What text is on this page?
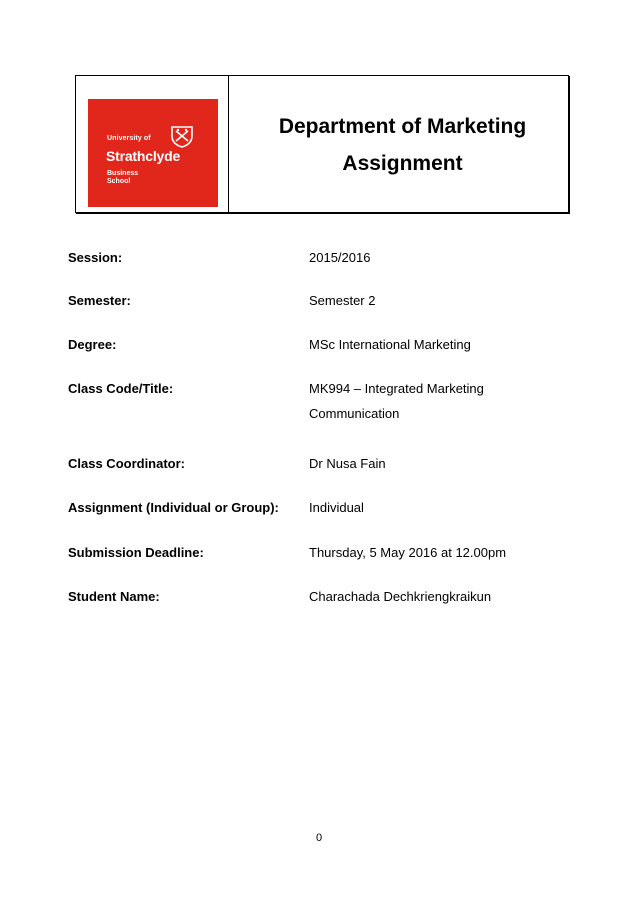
University of
Strathclyde
Business
School
Department of Marketing
Assignment
Session:	2015/2016
Semester:	Semester 2
Degree:	MSc International Marketing
Class Code/Title:	MK994 – Integrated Marketing
Communication
Class Coordinator:	Dr Nusa Fain
Assignment (Individual or Group): Individual
Submission Deadline:	Thursday, 5 May 2016 at 12.00pm
Student Name:	Charachada Dechkriengkraikun
0
